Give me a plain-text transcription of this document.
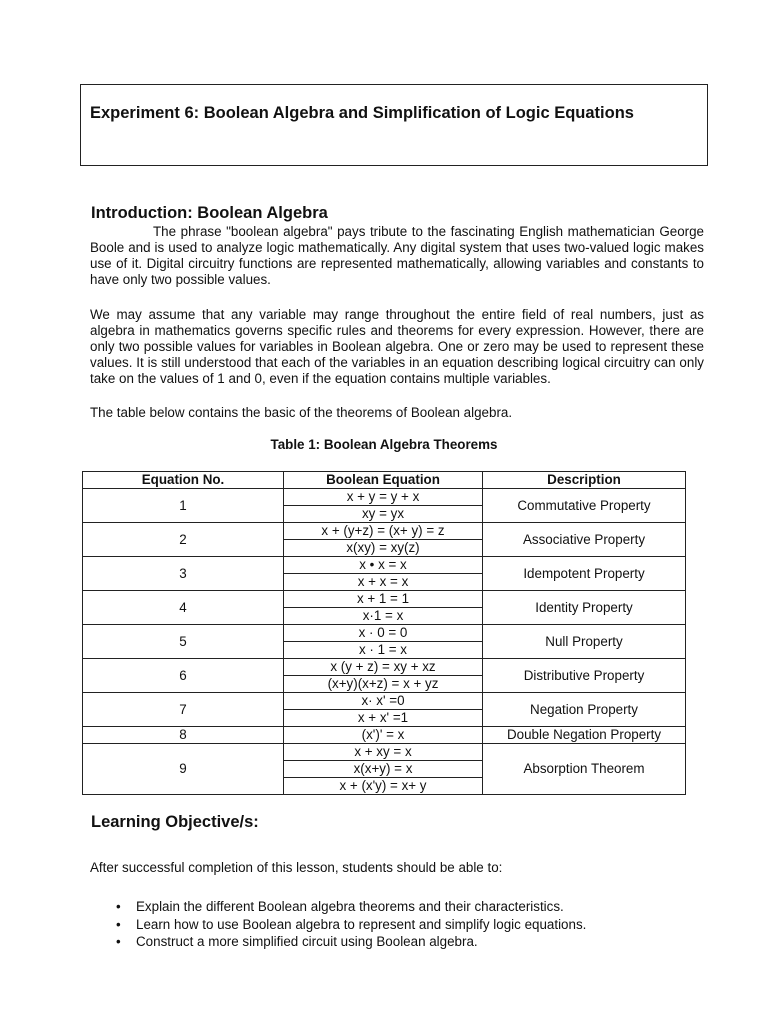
Experiment 6: Boolean Algebra and Simplification of Logic Equations
Introduction: Boolean Algebra
The phrase "boolean algebra" pays tribute to the fascinating English mathematician George Boole and is used to analyze logic mathematically. Any digital system that uses two-valued logic makes use of it. Digital circuitry functions are represented mathematically, allowing variables and constants to have only two possible values.
We may assume that any variable may range throughout the entire field of real numbers, just as algebra in mathematics governs specific rules and theorems for every expression. However, there are only two possible values for variables in Boolean algebra. One or zero may be used to represent these values. It is still understood that each of the variables in an equation describing logical circuitry can only take on the values of 1 and 0, even if the equation contains multiple variables.
The table below contains the basic of the theorems of Boolean algebra.
Table 1: Boolean Algebra Theorems
Equation No.	Boolean Equation	Description
1	x + y = y + x	Commutative Property
	xy = yx	
2	x + (y+z) = (x+ y) = z	Associative Property
	x(xy) = xy(z)	
3	x • x = x	Idempotent Property
	x + x = x	
4	x + 1 = 1	Identity Property
	x·1 = x	
5	x · 0 = 0	Null Property
	x · 1 = x	
6	x (y + z) = xy + xz	Distributive Property
	(x+y)(x+z) = x + yz	
7	x· x' =0	Negation Property
	x + x' =1	
8	(x')' = x	Double Negation Property
9	x + xy = x	Absorption Theorem
	x(x+y) = x	
	x + (x'y) = x+ y	
Learning Objective/s:
After successful completion of this lesson, students should be able to:
• Explain the different Boolean algebra theorems and their characteristics.
• Learn how to use Boolean algebra to represent and simplify logic equations.
• Construct a more simplified circuit using Boolean algebra.
